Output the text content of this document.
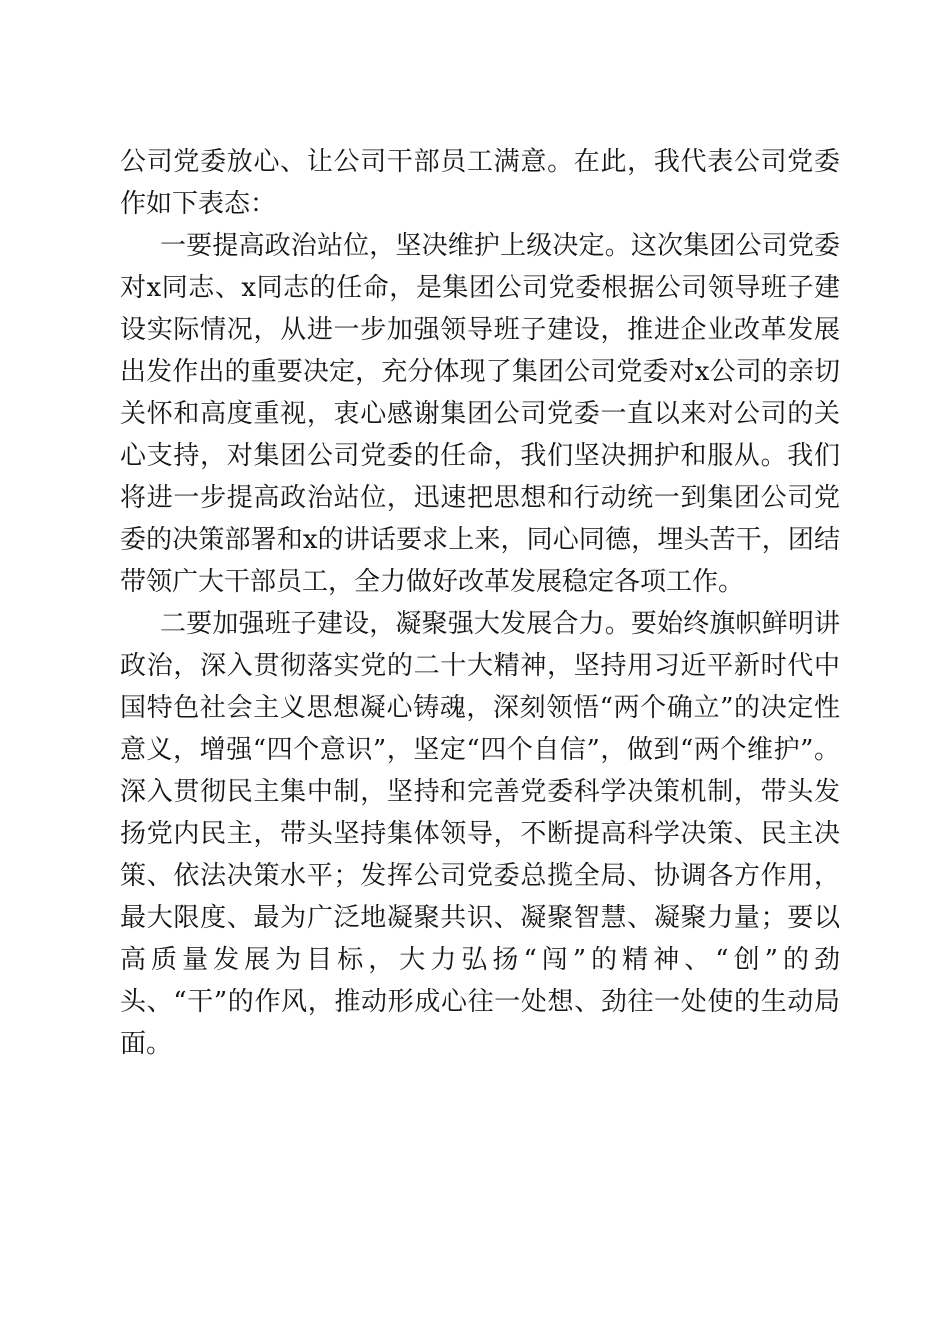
公司党委放心、让公司干部员工满意。在此，我代表公司党委作如下表态：

一要提高政治站位，坚决维护上级决定。这次集团公司党委对x同志、x同志的任命，是集团公司党委根据公司领导班子建设实际情况，从进一步加强领导班子建设，推进企业改革发展出发作出的重要决定，充分体现了集团公司党委对x公司的亲切关怀和高度重视，衷心感谢集团公司党委一直以来对公司的关心支持，对集团公司党委的任命，我们坚决拥护和服从。我们将进一步提高政治站位，迅速把思想和行动统一到集团公司党委的决策部署和x的讲话要求上来，同心同德，埋头苦干，团结带领广大干部员工，全力做好改革发展稳定各项工作。

二要加强班子建设，凝聚强大发展合力。要始终旗帜鲜明讲政治，深入贯彻落实党的二十大精神，坚持用习近平新时代中国特色社会主义思想凝心铸魂，深刻领悟“两个确立”的决定性意义，增强“四个意识”，坚定“四个自信”，做到“两个维护”。深入贯彻民主集中制，坚持和完善党委科学决策机制，带头发扬党内民主，带头坚持集体领导，不断提高科学决策、民主决策、依法决策水平；发挥公司党委总揽全局、协调各方作用，最大限度、最为广泛地凝聚共识、凝聚智慧、凝聚力量；要以高质量发展为目标，大力弘扬“闯”的精神、“创”的劲头、“干”的作风，推动形成心往一处想、劲往一处使的生动局面。
